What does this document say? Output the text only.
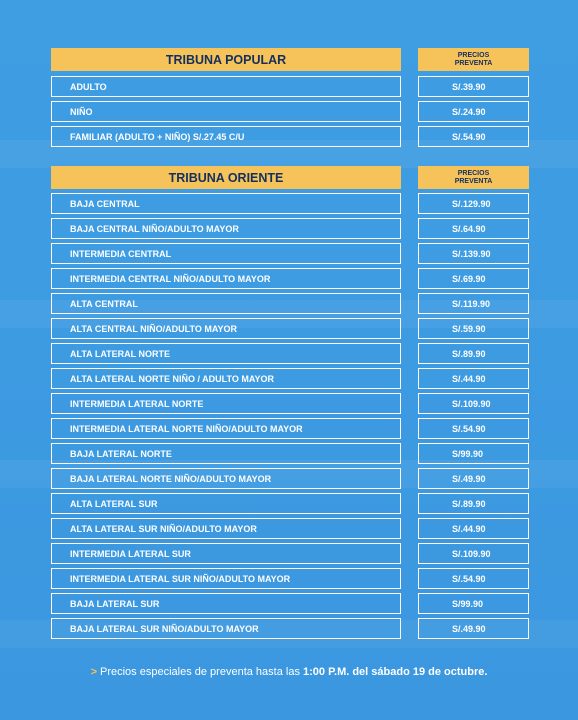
TRIBUNA POPULAR	PRECIOS
PREVENTA
ADULTO	S/.39.90
NIÑO	S/.24.90
FAMILIAR (ADULTO + NIÑO) S/.27.45 C/U	S/.54.90
TRIBUNA ORIENTE	PRECIOS
PREVENTA
BAJA CENTRAL	S/.129.90
BAJA CENTRAL NIÑO/ADULTO MAYOR	S/.64.90
INTERMEDIA CENTRAL	S/.139.90
INTERMEDIA CENTRAL NIÑO/ADULTO MAYOR	S/.69.90
ALTA CENTRAL	S/.119.90
ALTA CENTRAL NIÑO/ADULTO MAYOR	S/.59.90
ALTA LATERAL NORTE	S/.89.90
ALTA LATERAL NORTE NIÑO / ADULTO MAYOR	S/.44.90
INTERMEDIA LATERAL NORTE	S/.109.90
INTERMEDIA LATERAL NORTE NIÑO/ADULTO MAYOR	S/.54.90
BAJA LATERAL NORTE	S/99.90
BAJA LATERAL NORTE NIÑO/ADULTO MAYOR	S/.49.90
ALTA LATERAL SUR	S/.89.90
ALTA LATERAL SUR NIÑO/ADULTO MAYOR	S/.44.90
INTERMEDIA LATERAL SUR	S/.109.90
INTERMEDIA LATERAL SUR NIÑO/ADULTO MAYOR	S/.54.90
BAJA LATERAL SUR	S/99.90
BAJA LATERAL SUR NIÑO/ADULTO MAYOR	S/.49.90
> Precios especiales de preventa hasta las 1:00 P.M. del sábado 19 de octubre.
